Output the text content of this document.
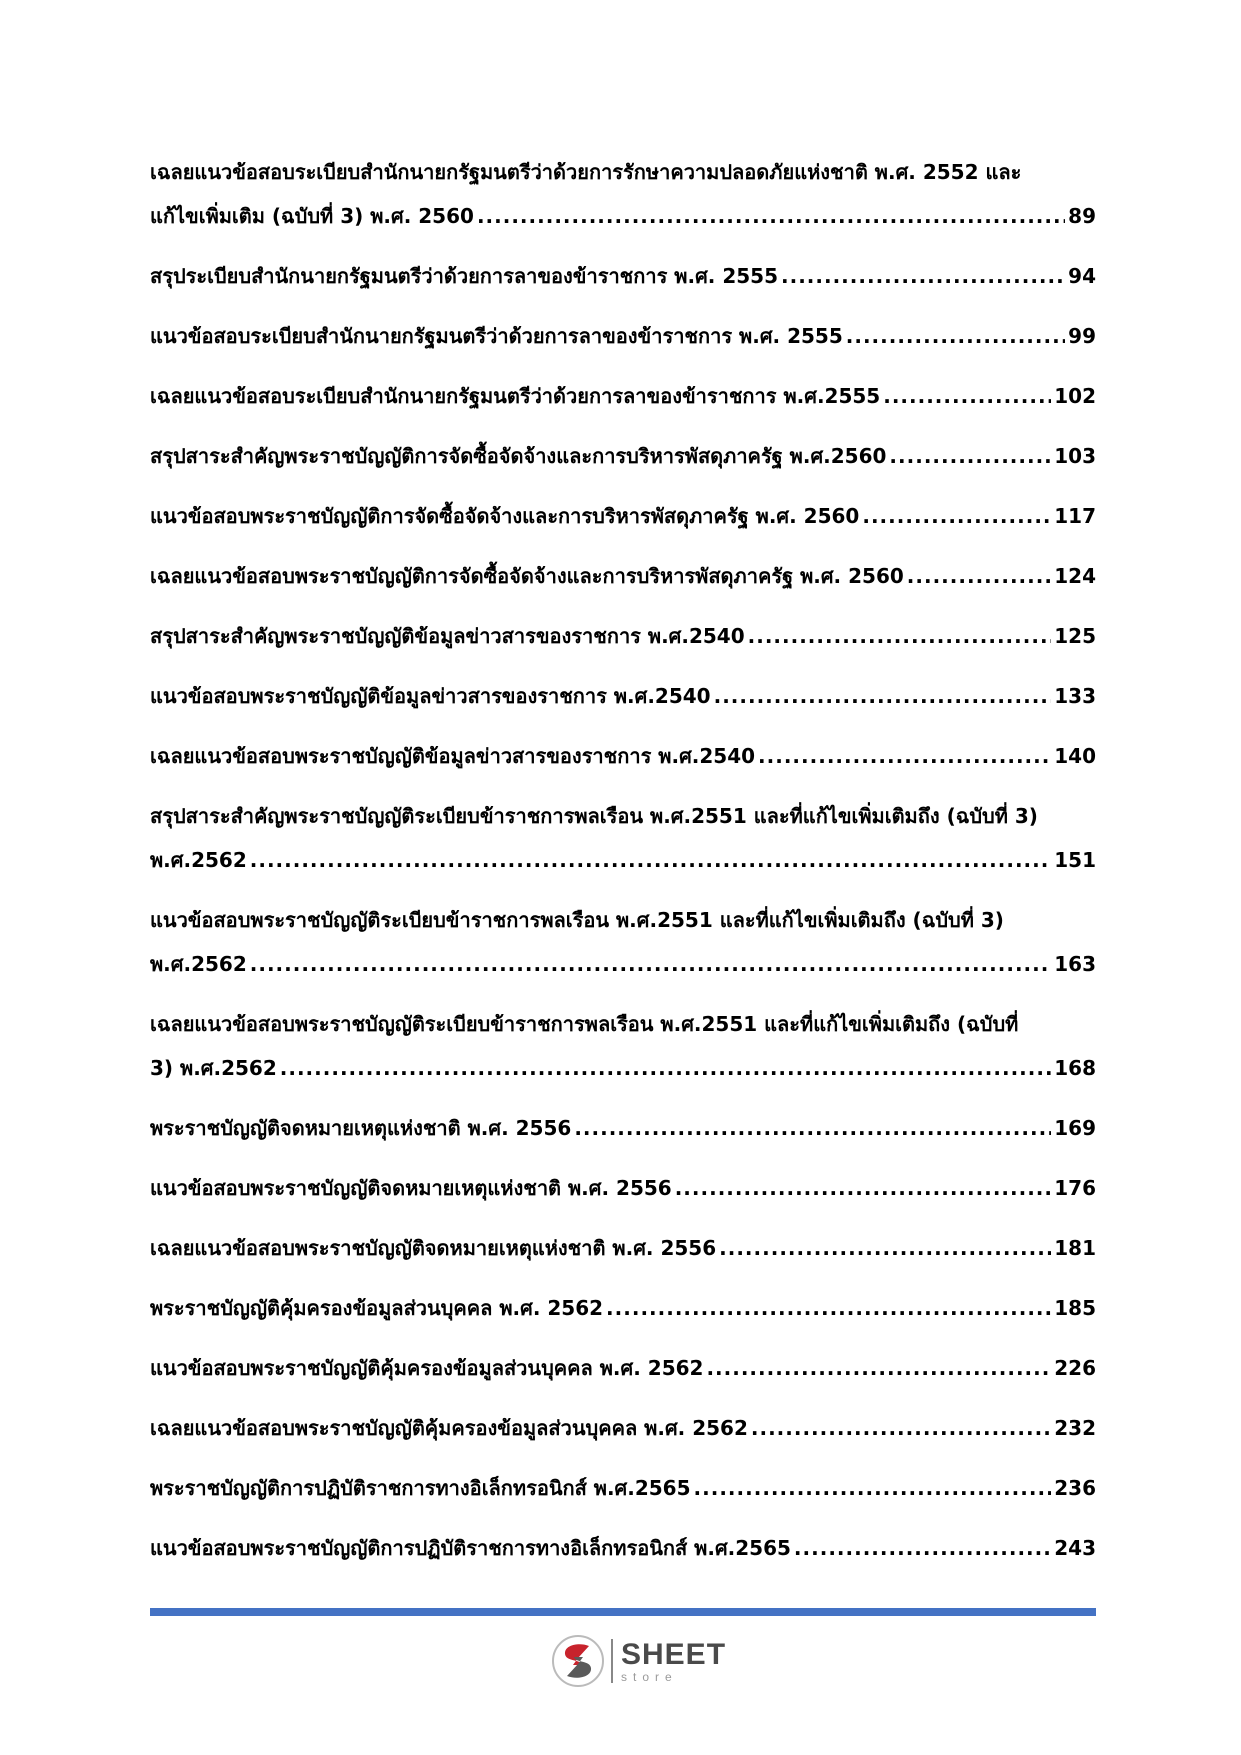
เฉลยแนวข้อสอบระเบียบสำนักนายกรัฐมนตรีว่าด้วยการรักษาความปลอดภัยแห่งชาติ พ.ศ. 2552 และ
แก้ไขเพิ่มเติม (ฉบับที่ 3) พ.ศ. 2560 .....	89
สรุประเบียบสำนักนายกรัฐมนตรีว่าด้วยการลาของข้าราชการ พ.ศ. 2555 .....	94
แนวข้อสอบระเบียบสำนักนายกรัฐมนตรีว่าด้วยการลาของข้าราชการ พ.ศ. 2555 .....	99
เฉลยแนวข้อสอบระเบียบสำนักนายกรัฐมนตรีว่าด้วยการลาของข้าราชการ พ.ศ.2555 .....	102
สรุปสาระสำคัญพระราชบัญญัติการจัดซื้อจัดจ้างและการบริหารพัสดุภาครัฐ พ.ศ.2560 .....	103
แนวข้อสอบพระราชบัญญัติการจัดซื้อจัดจ้างและการบริหารพัสดุภาครัฐ พ.ศ. 2560 .....	117
เฉลยแนวข้อสอบพระราชบัญญัติการจัดซื้อจัดจ้างและการบริหารพัสดุภาครัฐ พ.ศ. 2560 .....	124
สรุปสาระสำคัญพระราชบัญญัติข้อมูลข่าวสารของราชการ พ.ศ.2540 .....	125
แนวข้อสอบพระราชบัญญัติข้อมูลข่าวสารของราชการ พ.ศ.2540 .....	133
เฉลยแนวข้อสอบพระราชบัญญัติข้อมูลข่าวสารของราชการ พ.ศ.2540 .....	140
สรุปสาระสำคัญพระราชบัญญัติระเบียบข้าราชการพลเรือน พ.ศ.2551 และที่แก้ไขเพิ่มเติมถึง (ฉบับที่ 3)
พ.ศ.2562 .....	151
แนวข้อสอบพระราชบัญญัติระเบียบข้าราชการพลเรือน พ.ศ.2551 และที่แก้ไขเพิ่มเติมถึง (ฉบับที่ 3)
พ.ศ.2562 .....	163
เฉลยแนวข้อสอบพระราชบัญญัติระเบียบข้าราชการพลเรือน พ.ศ.2551 และที่แก้ไขเพิ่มเติมถึง (ฉบับที่
3) พ.ศ.2562 .....	168
พระราชบัญญัติจดหมายเหตุแห่งชาติ พ.ศ. 2556 .....	169
แนวข้อสอบพระราชบัญญัติจดหมายเหตุแห่งชาติ พ.ศ. 2556 .....	176
เฉลยแนวข้อสอบพระราชบัญญัติจดหมายเหตุแห่งชาติ พ.ศ. 2556 .....	181
พระราชบัญญัติคุ้มครองข้อมูลส่วนบุคคล พ.ศ. 2562 .....	185
แนวข้อสอบพระราชบัญญัติคุ้มครองข้อมูลส่วนบุคคล พ.ศ. 2562 .....	226
เฉลยแนวข้อสอบพระราชบัญญัติคุ้มครองข้อมูลส่วนบุคคล พ.ศ. 2562 .....	232
พระราชบัญญัติการปฏิบัติราชการทางอิเล็กทรอนิกส์ พ.ศ.2565 .....	236
แนวข้อสอบพระราชบัญญัติการปฏิบัติราชการทางอิเล็กทรอนิกส์ พ.ศ.2565 .....	243
SHEET
store
